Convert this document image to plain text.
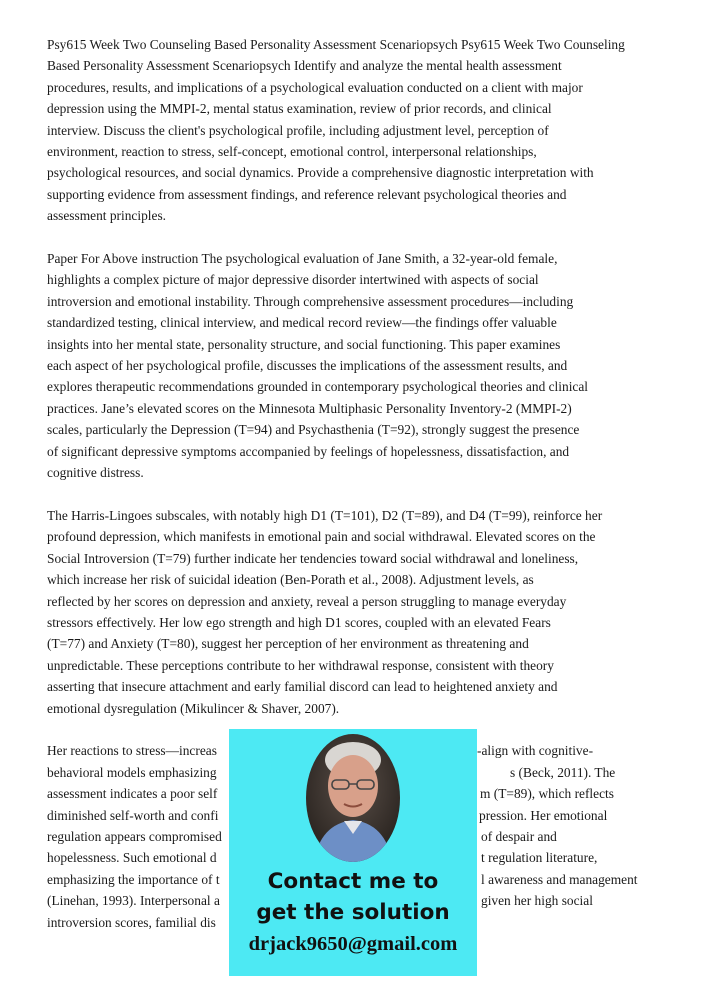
Psy615 Week Two Counseling Based Personality Assessment Scenariopsych Psy615 Week Two Counseling
Based Personality Assessment Scenariopsych Identify and analyze the mental health assessment
procedures, results, and implications of a psychological evaluation conducted on a client with major
depression using the MMPI-2, mental status examination, review of prior records, and clinical
interview. Discuss the client's psychological profile, including adjustment level, perception of
environment, reaction to stress, self-concept, emotional control, interpersonal relationships,
psychological resources, and social dynamics. Provide a comprehensive diagnostic interpretation with
supporting evidence from assessment findings, and reference relevant psychological theories and
assessment principles.
Paper For Above instruction The psychological evaluation of Jane Smith, a 32-year-old female,
highlights a complex picture of major depressive disorder intertwined with aspects of social
introversion and emotional instability. Through comprehensive assessment procedures—including
standardized testing, clinical interview, and medical record review—the findings offer valuable
insights into her mental state, personality structure, and social functioning. This paper examines
each aspect of her psychological profile, discusses the implications of the assessment results, and
explores therapeutic recommendations grounded in contemporary psychological theories and clinical
practices. Jane’s elevated scores on the Minnesota Multiphasic Personality Inventory-2 (MMPI-2)
scales, particularly the Depression (T=94) and Psychasthenia (T=92), strongly suggest the presence
of significant depressive symptoms accompanied by feelings of hopelessness, dissatisfaction, and
cognitive distress.
The Harris-Lingoes subscales, with notably high D1 (T=101), D2 (T=89), and D4 (T=99), reinforce her
profound depression, which manifests in emotional pain and social withdrawal. Elevated scores on the
Social Introversion (T=79) further indicate her tendencies toward social withdrawal and loneliness,
which increase her risk of suicidal ideation (Ben-Porath et al., 2008). Adjustment levels, as
reflected by her scores on depression and anxiety, reveal a person struggling to manage everyday
stressors effectively. Her low ego strength and high D1 scores, coupled with an elevated Fears
(T=77) and Anxiety (T=80), suggest her perception of her environment as threatening and
unpredictable. These perceptions contribute to her withdrawal response, consistent with theory
asserting that insecure attachment and early familial discord can lead to heightened anxiety and
emotional dysregulation (Mikulincer & Shaver, 2007).
Her reactions to stress—increas	-align with cognitive-
behavioral models emphasizing	s (Beck, 2011). The
assessment indicates a poor self	m (T=89), which reflects
diminished self-worth and confi	pression. Her emotional
regulation appears compromised	of despair and
hopelessness. Such emotional d	t regulation literature,
emphasizing the importance of t	l awareness and management
(Linehan, 1993). Interpersonal a	given her high social
introversion scores, familial dis
Contact me to
get the solution
drjack9650@gmail.com
